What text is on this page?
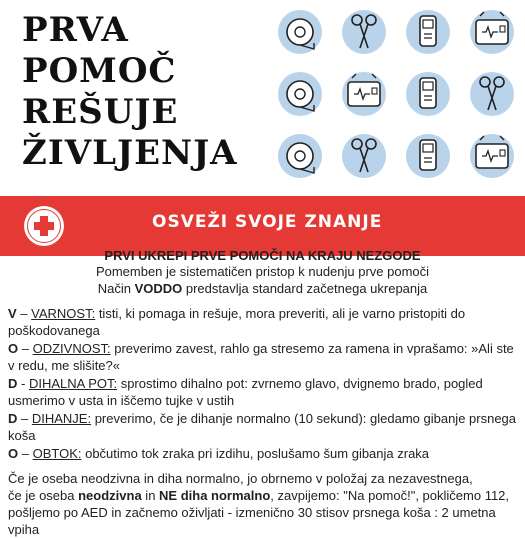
PRVA
POMOČ
REŠUJE
ŽIVLJENJA
OSVEŽI SVOJE ZNANJE
PRVI UKREPI PRVE POMOČI NA KRAJU NEZGODE
Pomemben je sistematičen pristop k nudenju prve pomoči
Način VODDO predstavlja standard začetnega ukrepanja

V – VARNOST: tisti, ki pomaga in rešuje, mora preveriti, ali je varno pristopiti do poškodovanega

O – ODZIVNOST: preverimo zavest, rahlo ga stresemo za ramena in vprašamo: »Ali ste v redu, me slišite?«

D - DIHALNA POT: sprostimo dihalno pot: zvrnemo glavo, dvignemo brado, pogled usmerimo v usta in iščemo tujke v ustih

D – DIHANJE: preverimo, če je dihanje normalno (10 sekund): gledamo gibanje prsnega koša

O – OBTOK: občutimo tok zraka pri izdihu, poslušamo šum gibanja zraka

Če je oseba neodzivna in diha normalno, jo obrnemo v položaj za nezavestnega,
če je oseba neodzivna in NE diha normalno, zavpijemo: "Na pomoč!", pokličemo 112, pošljemo po AED in začnemo oživljati - izmenično 30 stisov prsnega koša : 2 umetna vpiha
